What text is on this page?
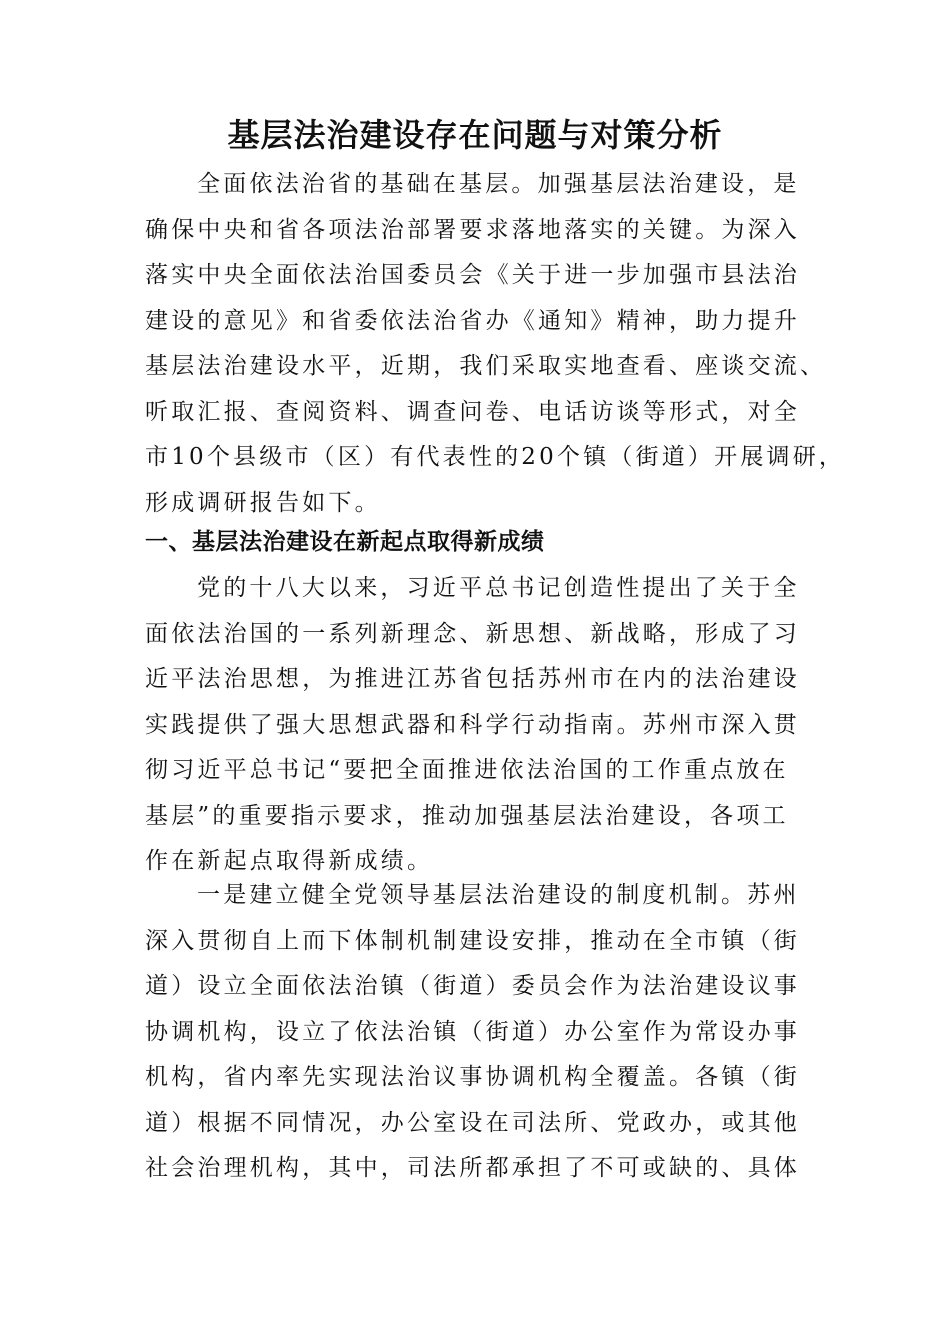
基层法治建设存在问题与对策分析
全面依法治省的基础在基层。加强基层法治建设，是
确保中央和省各项法治部署要求落地落实的关键。为深入
落实中央全面依法治国委员会《关于进一步加强市县法治
建设的意见》和省委依法治省办《通知》精神，助力提升
基层法治建设水平，近期，我们采取实地查看、座谈交流、
听取汇报、查阅资料、调查问卷、电话访谈等形式，对全
市10个县级市（区）有代表性的20个镇（街道）开展调研，
形成调研报告如下。
一、基层法治建设在新起点取得新成绩
党的十八大以来，习近平总书记创造性提出了关于全
面依法治国的一系列新理念、新思想、新战略，形成了习
近平法治思想，为推进江苏省包括苏州市在内的法治建设
实践提供了强大思想武器和科学行动指南。苏州市深入贯
彻习近平总书记“要把全面推进依法治国的工作重点放在
基层”的重要指示要求，推动加强基层法治建设，各项工
作在新起点取得新成绩。
一是建立健全党领导基层法治建设的制度机制。苏州
深入贯彻自上而下体制机制建设安排，推动在全市镇（街
道）设立全面依法治镇（街道）委员会作为法治建设议事
协调机构，设立了依法治镇（街道）办公室作为常设办事
机构，省内率先实现法治议事协调机构全覆盖。各镇（街
道）根据不同情况，办公室设在司法所、党政办，或其他
社会治理机构，其中，司法所都承担了不可或缺的、具体
